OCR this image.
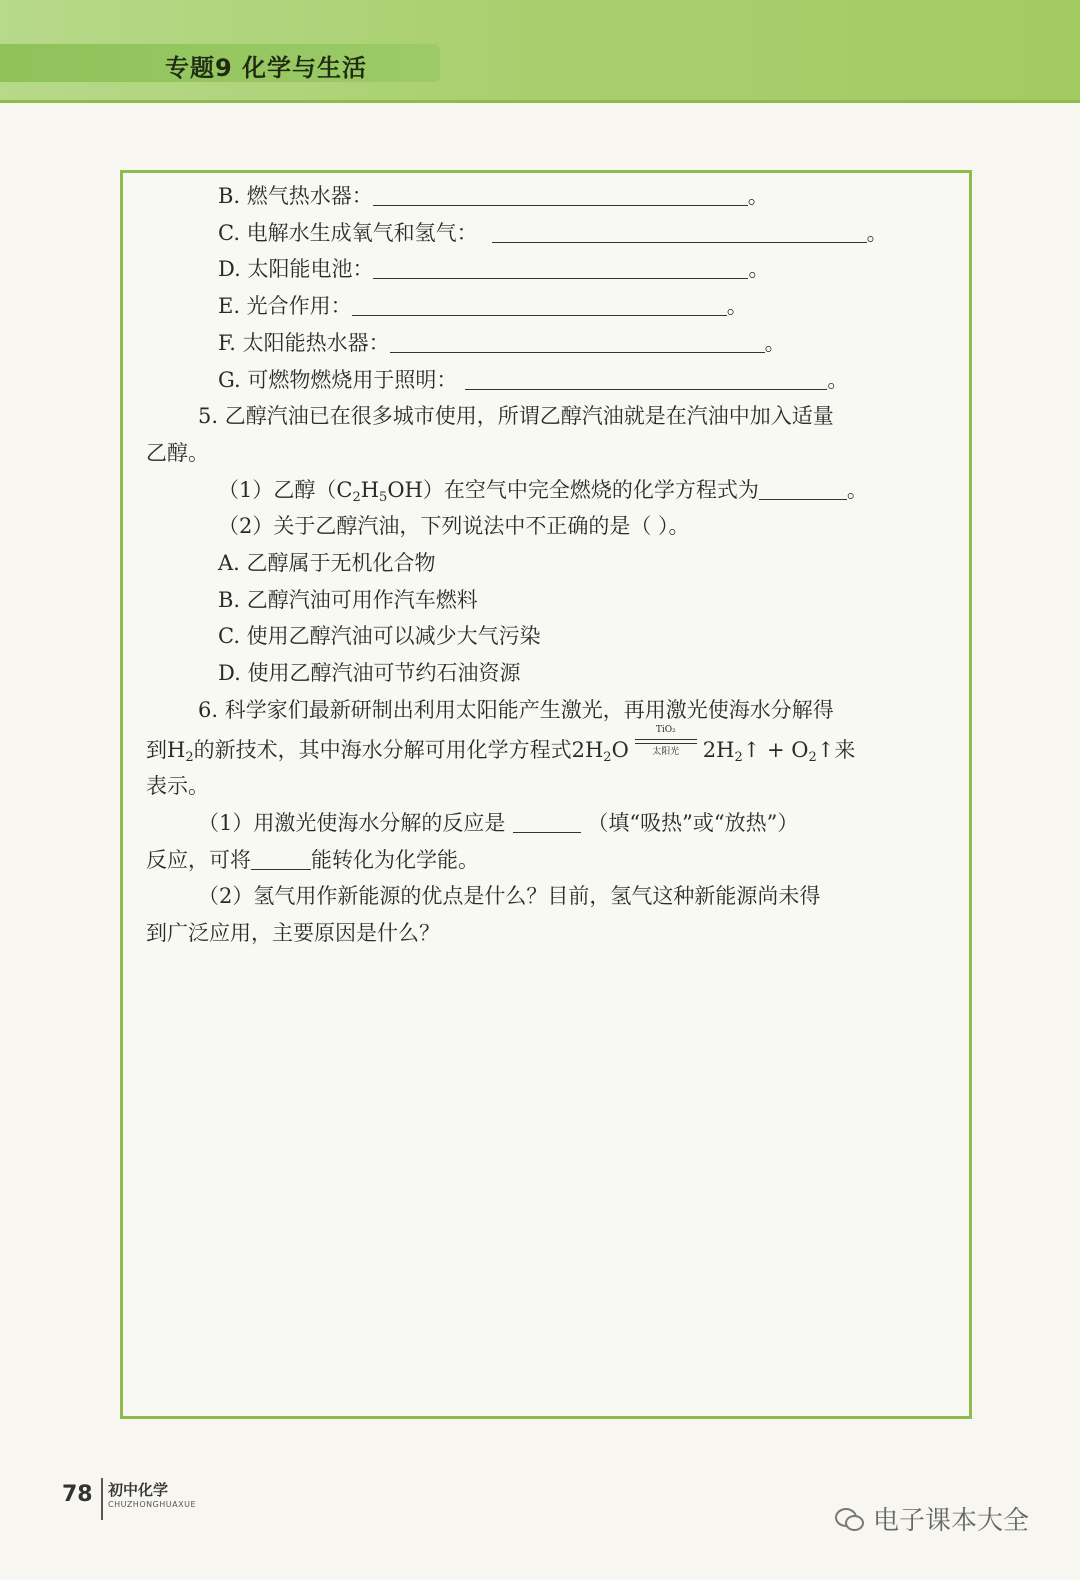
专题9 化学与生活
B. 燃气热水器：	。
C. 电解水生成氧气和氢气：	。
D. 太阳能电池：	。
E. 光合作用：	。
F. 太阳能热水器：	。
G. 可燃物燃烧用于照明：	。
5. 乙醇汽油已在很多城市使用，所谓乙醇汽油就是在汽油中加入适量
乙醇。
（1）乙醇$(C_2H_5OH)$在空气中完全燃烧的化学方程式为	。
（2）关于乙醇汽油，下列说法中不正确的是（ ）。
A. 乙醇属于无机化合物
B. 乙醇汽油可用作汽车燃料
C. 使用乙醇汽油可以减少大气污染
D. 使用乙醇汽油可节约石油资源
6. 科学家们最新研制出利用太阳能产生激光，再用激光使海水分解得
到$H_2$的新技术，其中海水分解可用化学方程式$2H_2O$
TiO₂
太阳光	$2H_2↑$ + $O_2↑$来
表示。
（1）用激光使海水分解的反应是	（填“吸热”或“放热”）
反应，可将	能转化为化学能。
（2）氢气用作新能源的优点是什么？目前，氢气这种新能源尚未得
到广泛应用，主要原因是什么？
78 初中化学
CHUZHONGHUAXUE
电子课本大全
